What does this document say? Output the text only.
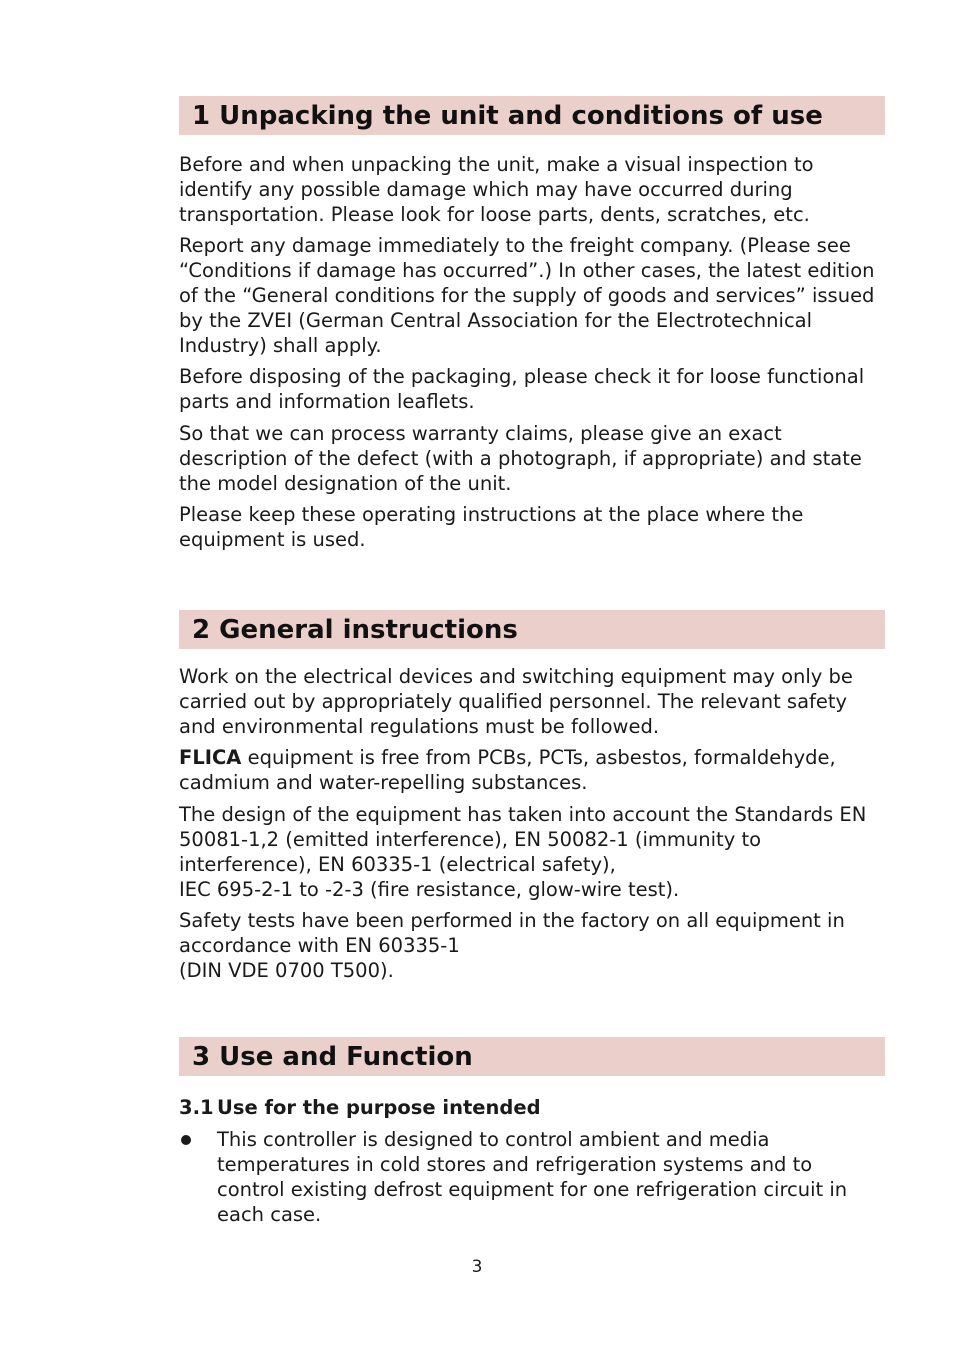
1 Unpacking the unit and conditions of use

Before and when unpacking the unit, make a visual inspection to
identify any possible damage which may have occurred during
transportation. Please look for loose parts, dents, scratches, etc.

Report any damage immediately to the freight company. (Please see
“Conditions if damage has occurred”.) In other cases, the latest edition
of the “General conditions for the supply of goods and services” issued
by the ZVEI (German Central Association for the Electrotechnical
Industry) shall apply.

Before disposing of the packaging, please check it for loose functional
parts and information leaflets.

So that we can process warranty claims, please give an exact
description of the defect (with a photograph, if appropriate) and state
the model designation of the unit.

Please keep these operating instructions at the place where the
equipment is used.

2 General instructions

Work on the electrical devices and switching equipment may only be
carried out by appropriately qualified personnel. The relevant safety
and environmental regulations must be followed.

FLICA equipment is free from PCBs, PCTs, asbestos, formaldehyde,
cadmium and water-repelling substances.

The design of the equipment has taken into account the Standards EN
50081-1,2 (emitted interference), EN 50082-1 (immunity to
interference), EN 60335-1 (electrical safety),
IEC 695-2-1 to -2-3 (fire resistance, glow-wire test).

Safety tests have been performed in the factory on all equipment in
accordance with EN 60335-1
(DIN VDE 0700 T500).

3 Use and Function
3.1 Use for the purpose intended
This controller is designed to control ambient and media
temperatures in cold stores and refrigeration systems and to
control existing defrost equipment for one refrigeration circuit in
each case.
3
